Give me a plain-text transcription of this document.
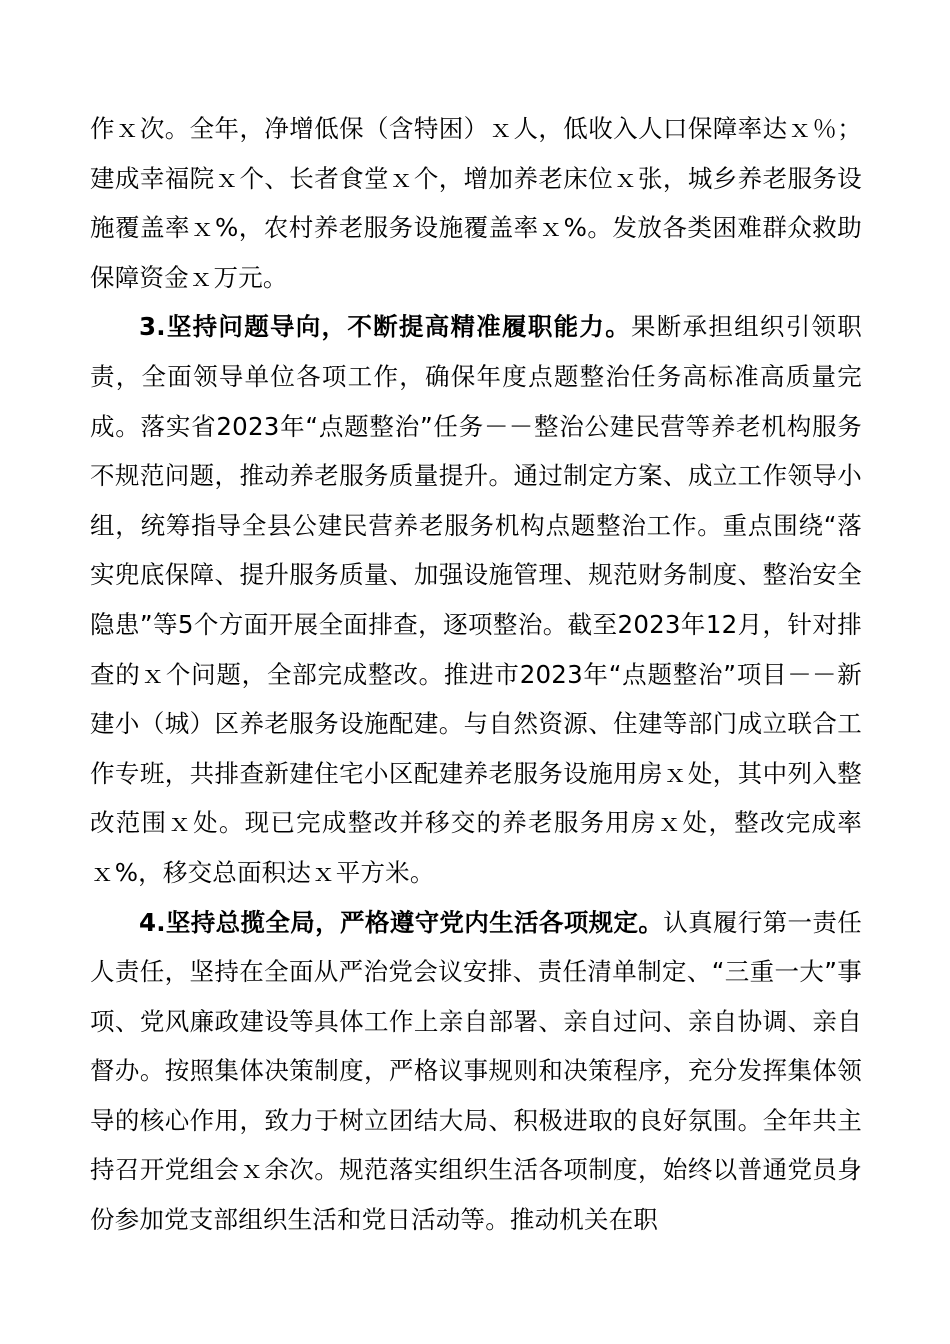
作ｘ次。全年，净增低保（含特困）ｘ人，低收入人口保障率达ｘ％；建成幸福院ｘ个、长者食堂ｘ个，增加养老床位ｘ张，城乡养老服务设施覆盖率ｘ%，农村养老服务设施覆盖率ｘ%。发放各类困难群众救助保障资金ｘ万元。

3.坚持问题导向，不断提高精准履职能力。果断承担组织引领职责，全面领导单位各项工作，确保年度点题整治任务高标准高质量完成。落实省2023年“点题整治”任务－－整治公建民营等养老机构服务不规范问题，推动养老服务质量提升。通过制定方案、成立工作领导小组，统筹指导全县公建民营养老服务机构点题整治工作。重点围绕“落实兜底保障、提升服务质量、加强设施管理、规范财务制度、整治安全隐患”等5个方面开展全面排查，逐项整治。截至2023年12月，针对排查的ｘ个问题，全部完成整改。推进市2023年“点题整治”项目－－新建小（城）区养老服务设施配建。与自然资源、住建等部门成立联合工作专班，共排查新建住宅小区配建养老服务设施用房ｘ处，其中列入整改范围ｘ处。现已完成整改并移交的养老服务用房ｘ处，整改完成率ｘ%，移交总面积达ｘ平方米。

4.坚持总揽全局，严格遵守党内生活各项规定。认真履行第一责任人责任，坚持在全面从严治党会议安排、责任清单制定、“三重一大”事项、党风廉政建设等具体工作上亲自部署、亲自过问、亲自协调、亲自督办。按照集体决策制度，严格议事规则和决策程序，充分发挥集体领导的核心作用，致力于树立团结大局、积极进取的良好氛围。全年共主持召开党组会ｘ余次。规范落实组织生活各项制度，始终以普通党员身份参加党支部组织生活和党日活动等。推动机关在职
